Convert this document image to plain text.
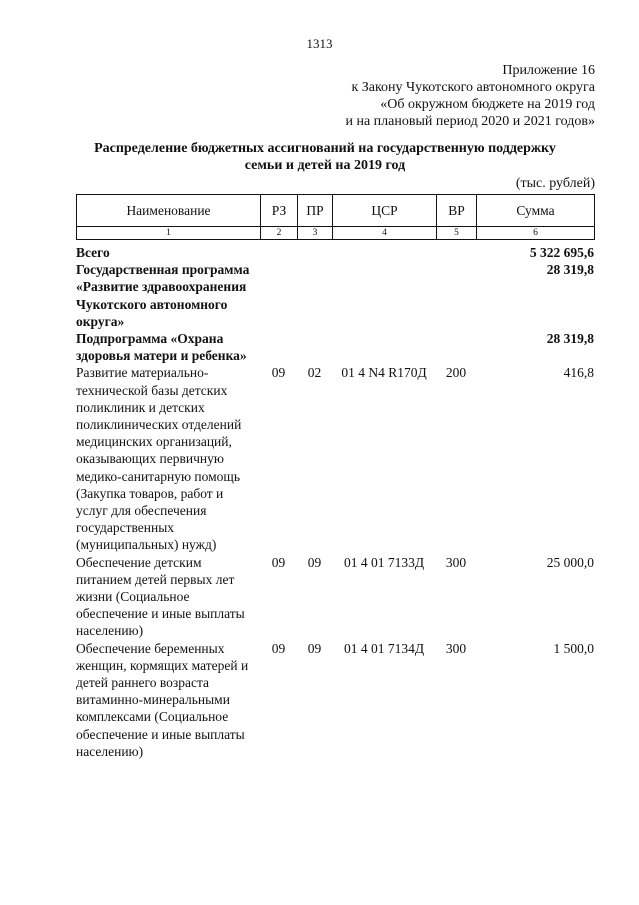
1313
Приложение 16
к Закону Чукотского автономного округа
«Об окружном бюджете на 2019 год
и на плановый период 2020 и 2021 годов»
Распределение бюджетных ассигнований на государственную поддержку
семьи и детей на 2019 год
(тыс. рублей)
Наименование	РЗ	ПР	ЦСР	ВР	Сумма
1	2	3	4	5	6
Всего					5 322 695,6
Государственная программа «Развитие здравоохранения Чукотского автономного округа»					28 319,8
Подпрограмма «Охрана здоровья матери и ребенка»					28 319,8
Развитие материально-технической базы детских поликлиник и детских поликлинических отделений медицинских организаций, оказывающих первичную медико-санитарную помощь (Закупка товаров, работ и услуг для обеспечения государственных (муниципальных) нужд)	09	02	01 4 N4 R170Д	200	416,8
Обеспечение детским питанием детей первых лет жизни (Социальное обеспечение и иные выплаты населению)	09	09	01 4 01 7133Д	300	25 000,0
Обеспечение беременных женщин, кормящих матерей и детей раннего возраста витаминно-минеральными комплексами (Социальное обеспечение и иные выплаты населению)	09	09	01 4 01 7134Д	300	1 500,0
